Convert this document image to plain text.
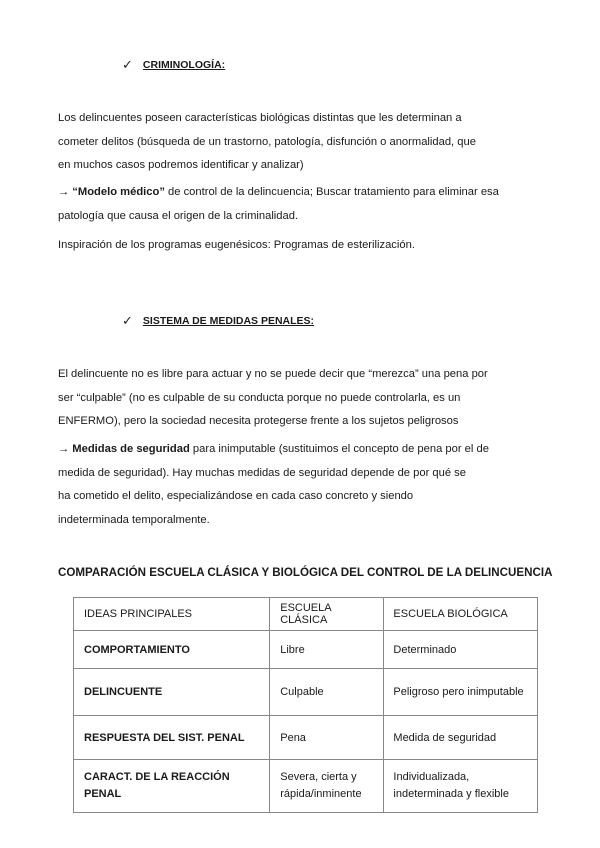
✓ CRIMINOLOGÍA:
Los delincuentes poseen características biológicas distintas que les determinan a
cometer delitos (búsqueda de un trastorno, patología, disfunción o anormalidad, que
en muchos casos podremos identificar y analizar)
→ “Modelo médico” de control de la delincuencia; Buscar tratamiento para eliminar esa
patología que causa el origen de la criminalidad.
Inspiración de los programas eugenésicos: Programas de esterilización.
✓ SISTEMA DE MEDIDAS PENALES:
El delincuente no es libre para actuar y no se puede decir que “merezca” una pena por
ser “culpable” (no es culpable de su conducta porque no puede controlarla, es un
ENFERMO), pero la sociedad necesita protegerse frente a los sujetos peligrosos
→ Medidas de seguridad para inimputable (sustituimos el concepto de pena por el de
medida de seguridad). Hay muchas medidas de seguridad depende de por qué se
ha cometido el delito, especializándose en cada caso concreto y siendo
indeterminada temporalmente.
COMPARACIÓN ESCUELA CLÁSICA Y BIOLÓGICA DEL CONTROL DE LA DELINCUENCIA
IDEAS PRINCIPALES	ESCUELA CLÁSICA	ESCUELA BIOLÓGICA
COMPORTAMIENTO	Libre	Determinado
DELINCUENTE	Culpable	Peligroso pero inimputable
RESPUESTA DEL SIST. PENAL	Pena	Medida de seguridad
CARACT. DE LA REACCIÓN PENAL	Severa, cierta y rápida/inminente	Individualizada, indeterminada y flexible
